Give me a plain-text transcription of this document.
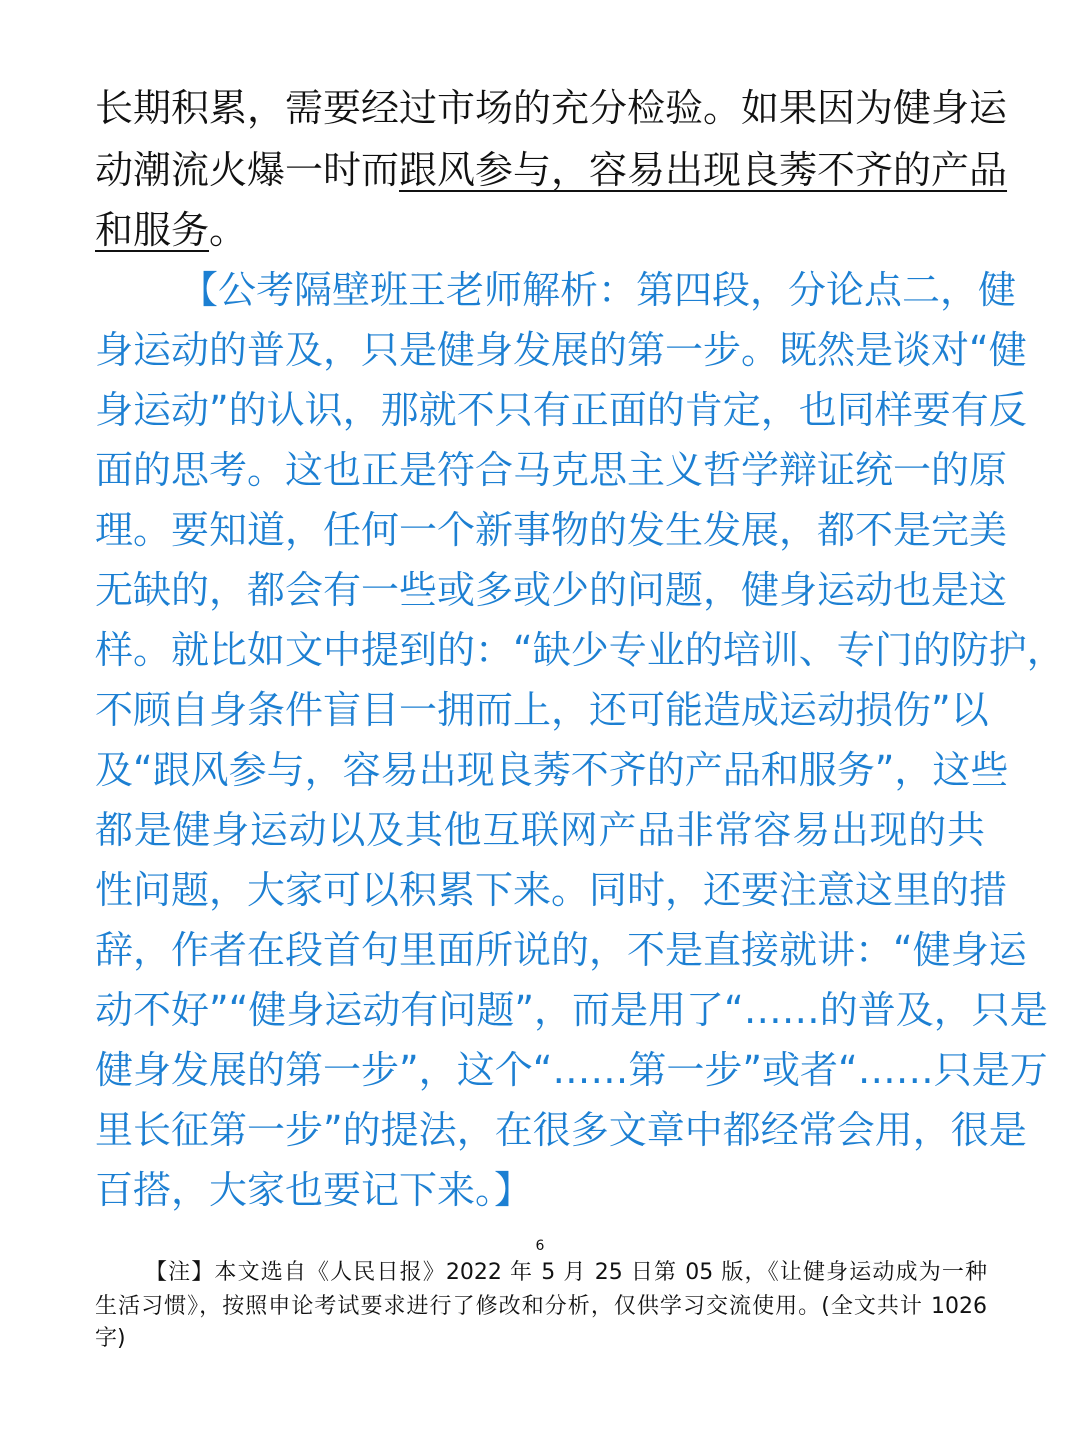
长期积累，需要经过市场的充分检验。如果因为健身运
动潮流火爆一时而跟风参与，容易出现良莠不齐的产品
和服务。
【公考隔壁班王老师解析：第四段，分论点二，健
身运动的普及，只是健身发展的第一步。既然是谈对“健
身运动”的认识，那就不只有正面的肯定，也同样要有反
面的思考。这也正是符合马克思主义哲学辩证统一的原
理。要知道，任何一个新事物的发生发展，都不是完美
无缺的，都会有一些或多或少的问题，健身运动也是这
样。就比如文中提到的：“缺少专业的培训、专门的防护，
不顾自身条件盲目一拥而上，还可能造成运动损伤”以
及“跟风参与，容易出现良莠不齐的产品和服务”，这些
都是健身运动以及其他互联网产品非常容易出现的共
性问题，大家可以积累下来。同时，还要注意这里的措
辞，作者在段首句里面所说的，不是直接就讲：“健身运
动不好”“健身运动有问题”，而是用了“……的普及，只是
健身发展的第一步”，这个“……第一步”或者“……只是万
里长征第一步”的提法，在很多文章中都经常会用，很是
百搭，大家也要记下来。】
6
【注】本文选自《人民日报》2022 年 5 月 25 日第 05 版，《让健身运动成为一种
生活习惯》，按照申论考试要求进行了修改和分析，仅供学习交流使用。(全文共计 1026
字)
